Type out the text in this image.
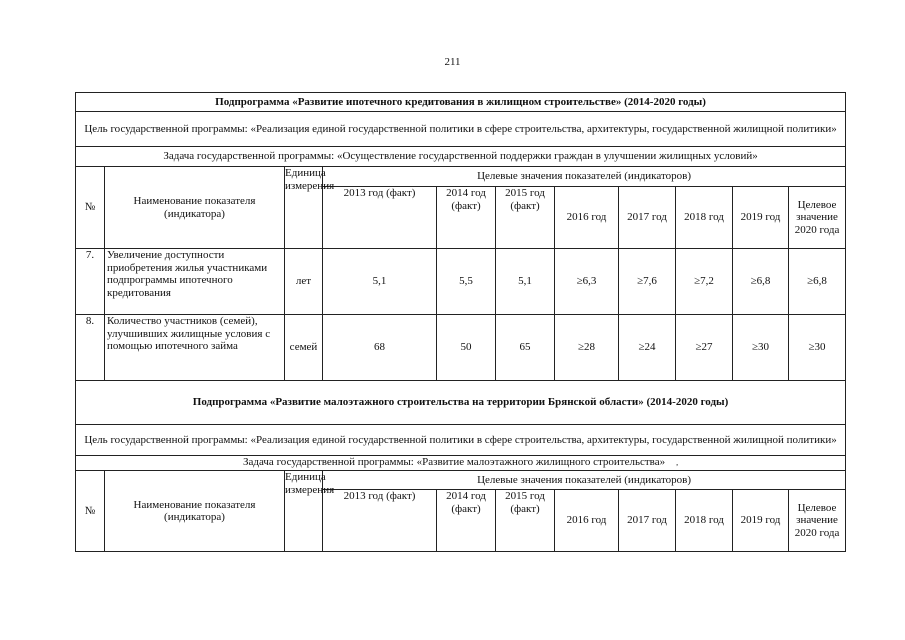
211
Подпрограмма «Развитие ипотечного кредитования в жилищном строительстве» (2014-2020 годы)										
Цель государственной программы: «Реализация единой государственной политики в сфере строительства, архитектуры, государственной жилищной политики»										
Задача государственной программы: «Осуществление государственной поддержки граждан в улучшении жилищных условий»										
№	Наименование показателя (индикатора)	Единица измерения	Целевые значения показателей (индикаторов)							
			2013 год (факт)	2014 год (факт)	2015 год (факт)	2016 год	2017 год	2018 год	2019 год	Целевое значение 2020 года
7.	Увеличение доступности приобретения жилья участниками подпрограммы ипотечного кредитования	лет	5,1	5,5	5,1	≥6,3	≥7,6	≥7,2	≥6,8	≥6,8
8.	Количество участников (семей), улучшивших жилищные условия с помощью ипотечного займа	семей	68	50	65	≥28	≥24	≥27	≥30	≥30
Подпрограмма «Развитие малоэтажного строительства на территории Брянской области» (2014-2020 годы)										
Цель государственной программы: «Реализация единой государственной политики в сфере строительства, архитектуры, государственной жилищной политики»										
Задача государственной программы: «Развитие малоэтажного жилищного строительства»  ,										
№	Наименование показателя (индикатора)	Единица измерения	Целевые значения показателей (индикаторов)							
			2013 год (факт)	2014 год (факт)	2015 год (факт)	2016 год	2017 год	2018 год	2019 год	Целевое значение 2020 года
